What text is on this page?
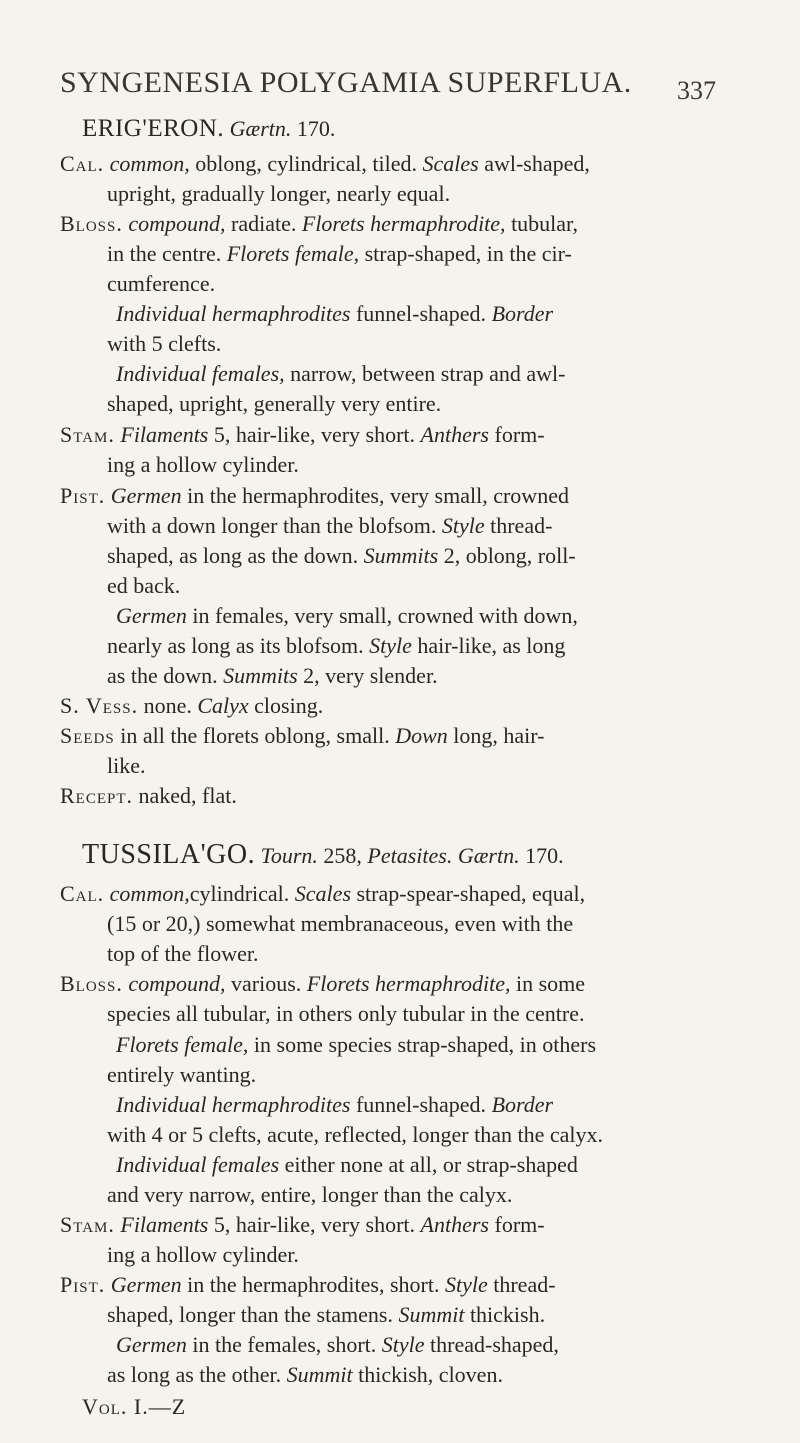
SYNGENESIA POLYGAMIA SUPERFLUA.	337
ERIG'ERON. Gærtn. 170.
Cal. common, oblong, cylindrical, tiled. Scales awl-shaped,
upright, gradually longer, nearly equal.
Bloss. compound, radiate. Florets hermaphrodite, tubular,
in the centre. Florets female, strap-shaped, in the cir-
cumference.
Individual hermaphrodites funnel-shaped. Border
with 5 clefts.
Individual females, narrow, between strap and awl-
shaped, upright, generally very entire.
Stam. Filaments 5, hair-like, very short. Anthers form-
ing a hollow cylinder.
Pist. Germen in the hermaphrodites, very small, crowned
with a down longer than the blofsom. Style thread-
shaped, as long as the down. Summits 2, oblong, roll-
ed back.
Germen in females, very small, crowned with down,
nearly as long as its blofsom. Style hair-like, as long
as the down. Summits 2, very slender.
S. Vess. none. Calyx closing.
Seeds in all the florets oblong, small. Down long, hair-
like.
Recept. naked, flat.
TUSSILA'GO. Tourn. 258, Petasites. Gærtn. 170.
Cal. common,cylindrical. Scales strap-spear-shaped, equal,
(15 or 20,) somewhat membranaceous, even with the
top of the flower.
Bloss. compound, various. Florets hermaphrodite, in some
species all tubular, in others only tubular in the centre.
Florets female, in some species strap-shaped, in others
entirely wanting.
Individual hermaphrodites funnel-shaped. Border
with 4 or 5 clefts, acute, reflected, longer than the calyx.
Individual females either none at all, or strap-shaped
and very narrow, entire, longer than the calyx.
Stam. Filaments 5, hair-like, very short. Anthers form-
ing a hollow cylinder.
Pist. Germen in the hermaphrodites, short. Style thread-
shaped, longer than the stamens. Summit thickish.
Germen in the females, short. Style thread-shaped,
as long as the other. Summit thickish, cloven.
Vol. I.—Z
